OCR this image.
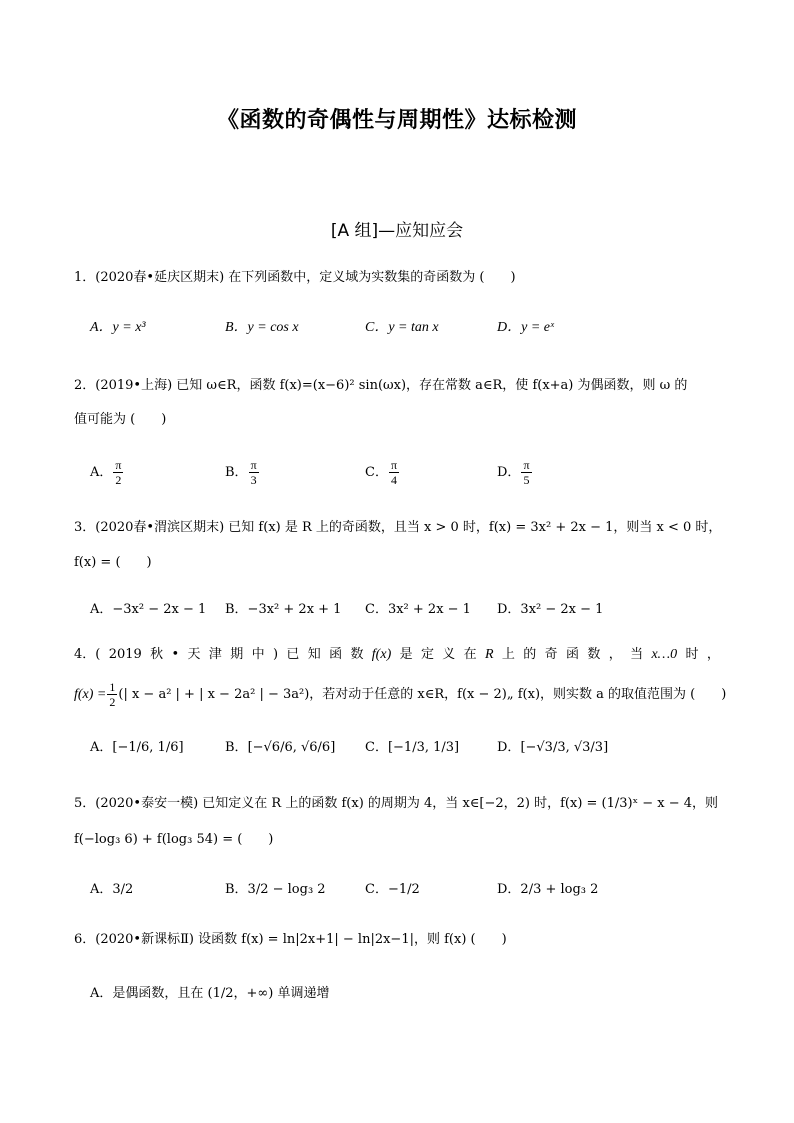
《函数的奇偶性与周期性》达标检测
[A 组]—应知应会
1．(2020春•延庆区期末) 在下列函数中，定义域为实数集的奇函数为 (　　)
A．y = x³	B．y = cos x	C．y = tan x	D．y = eˣ
2．(2019•上海) 已知 ω∈R，函数 f(x)=(x−6)² sin(ωx)，存在常数 a∈R，使 f(x+a) 为偶函数，则 ω 的
值可能为 (　　)
A． $\frac{\pi}{2}$	B． $\frac{\pi}{3}$	C． $\frac{\pi}{4}$	D． $\frac{\pi}{5}$
3．(2020春•渭滨区期末) 已知 f(x) 是 R 上的奇函数，且当 x > 0 时，f(x) = 3x² + 2x − 1，则当 x < 0 时，
f(x) = (　　)
A．−3x² − 2x − 1 B．−3x² + 2x + 1 C．3x² + 2x − 1 D．3x² − 2x − 1
4．( 2019 秋 • 天 津 期 中 ) 已 知 函 数 f(x) 是 定 义 在 R 上 的 奇 函 数 ， 当 x…0 时 ，
$f(x) = \frac{1}{2}$ (| x − a² | + | x − 2a² | − 3a²)，若对动于任意的 x∈R，f(x − 2)„ f(x)，则实数 a 的取值范围为 (　　)
A．[−1/6, 1/6]	B．[−√6/6, √6/6] C．[−1/3, 1/3]	D．[−√3/3, √3/3]
5．(2020•泰安一模) 已知定义在 R 上的函数 f(x) 的周期为 4，当 x∈[−2，2) 时，f(x) = (1/3)ˣ − x − 4，则
f(−log₃ 6) + f(log₃ 54) = (　　)
A．3/2	B．3/2 − log₃ 2	C．−1/2	D．2/3 + log₃ 2
6．(2020•新课标Ⅱ) 设函数 f(x) = ln|2x+1| − ln|2x−1|，则 f(x) (　　)
A．是偶函数，且在 (1/2，+∞) 单调递增
